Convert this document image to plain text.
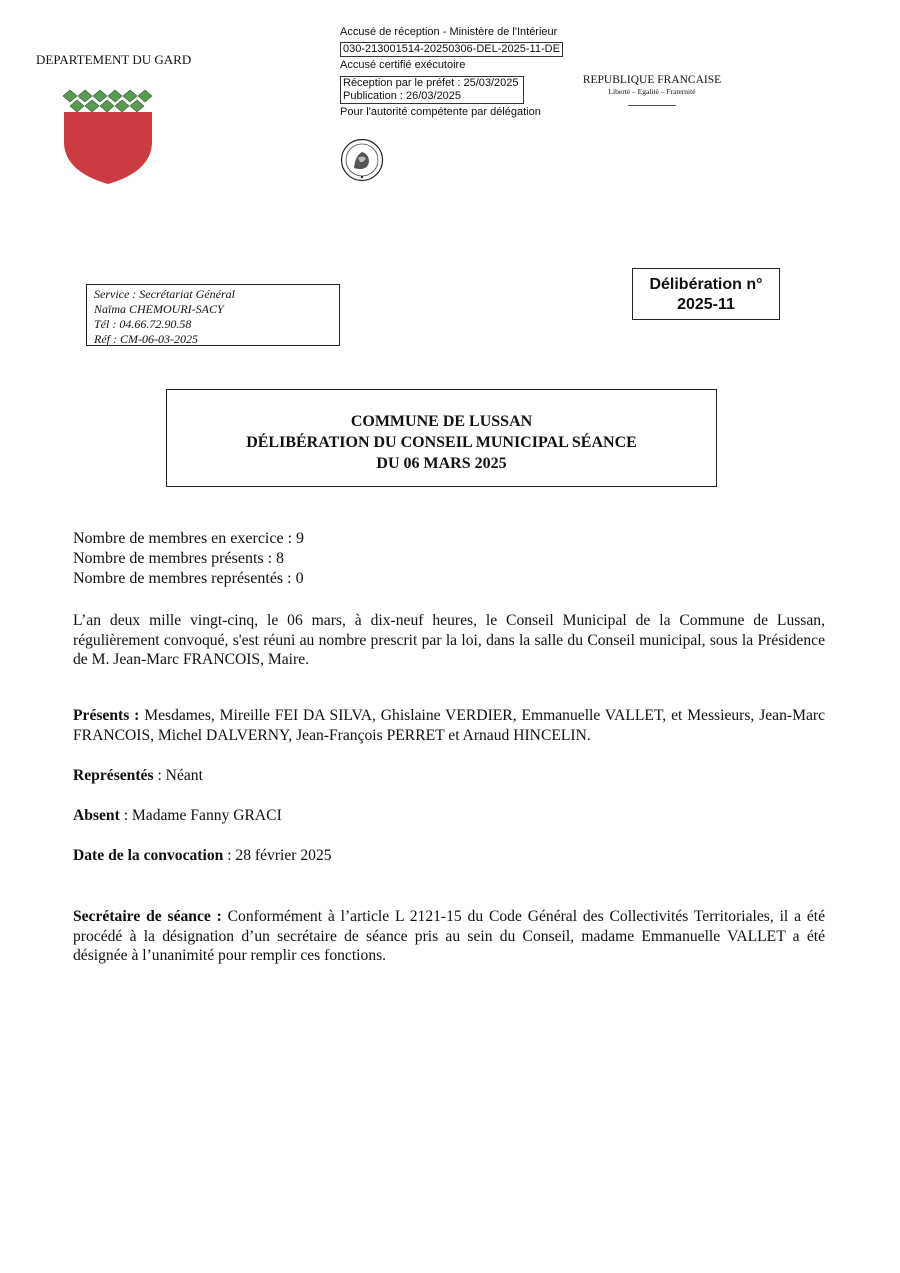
DEPARTEMENT DU GARD
Accusé de réception - Ministère de l'Intérieur
030-213001514-20250306-DEL-2025-11-DE
Accusé certifié exécutoire
Réception par le préfet : 25/03/2025
Publication : 26/03/2025
Pour l'autorité compétente par délégation
REPUBLIQUE FRANCAISE
Liberté – Egalité – Fraternité
Service : Secrétariat Général
Naïma CHEMOURI-SACY
Tél : 04.66.72.90.58
Réf : CM-06-03-2025
Délibération n°
2025-11
COMMUNE DE LUSSAN
DÉLIBÉRATION DU CONSEIL MUNICIPAL SÉANCE
DU 06 MARS 2025
Nombre de membres en exercice : 9
Nombre de membres présents : 8
Nombre de membres représentés : 0
L’an deux mille vingt-cinq, le 06 mars, à dix-neuf heures, le Conseil Municipal de la Commune de Lussan, régulièrement convoqué, s'est réuni au nombre prescrit par la loi, dans la salle du Conseil municipal, sous la Présidence de M. Jean-Marc FRANCOIS, Maire.
Présents : Mesdames, Mireille FEI DA SILVA, Ghislaine VERDIER, Emmanuelle VALLET, et Messieurs, Jean-Marc FRANCOIS, Michel DALVERNY, Jean-François PERRET et Arnaud HINCELIN.
Représentés : Néant
Absent : Madame Fanny GRACI
Date de la convocation : 28 février 2025
Secrétaire de séance : Conformément à l’article L 2121-15 du Code Général des Collectivités Territoriales, il a été procédé à la désignation d’un secrétaire de séance pris au sein du Conseil, madame Emmanuelle VALLET a été désignée à l’unanimité pour remplir ces fonctions.
